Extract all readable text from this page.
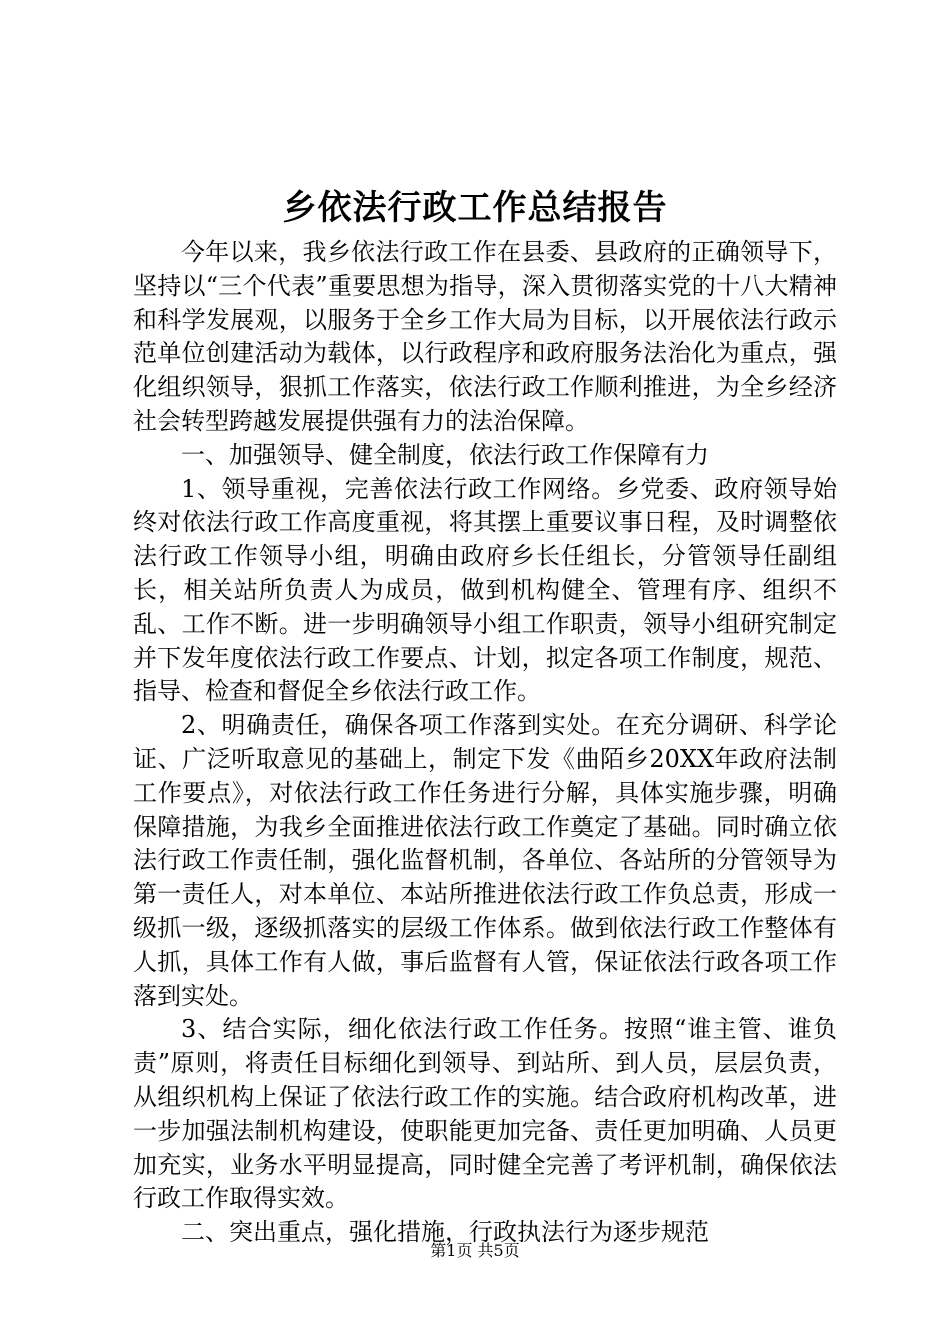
乡依法行政工作总结报告

今年以来，我乡依法行政工作在县委、县政府的正确领导下，坚持以“三个代表”重要思想为指导，深入贯彻落实党的十八大精神和科学发展观，以服务于全乡工作大局为目标，以开展依法行政示范单位创建活动为载体，以行政程序和政府服务法治化为重点，强化组织领导，狠抓工作落实，依法行政工作顺利推进，为全乡经济社会转型跨越发展提供强有力的法治保障。

一、加强领导、健全制度，依法行政工作保障有力

1、领导重视，完善依法行政工作网络。乡党委、政府领导始终对依法行政工作高度重视，将其摆上重要议事日程，及时调整依法行政工作领导小组，明确由政府乡长任组长，分管领导任副组长，相关站所负责人为成员，做到机构健全、管理有序、组织不乱、工作不断。进一步明确领导小组工作职责，领导小组研究制定并下发年度依法行政工作要点、计划，拟定各项工作制度，规范、指导、检查和督促全乡依法行政工作。

2、明确责任，确保各项工作落到实处。在充分调研、科学论证、广泛听取意见的基础上，制定下发《曲陌乡20XX年政府法制工作要点》，对依法行政工作任务进行分解，具体实施步骤，明确保障措施，为我乡全面推进依法行政工作奠定了基础。同时确立依法行政工作责任制，强化监督机制，各单位、各站所的分管领导为第一责任人，对本单位、本站所推进依法行政工作负总责，形成一级抓一级，逐级抓落实的层级工作体系。做到依法行政工作整体有人抓，具体工作有人做，事后监督有人管，保证依法行政各项工作落到实处。

3、结合实际，细化依法行政工作任务。按照“谁主管、谁负责”原则，将责任目标细化到领导、到站所、到人员，层层负责，从组织机构上保证了依法行政工作的实施。结合政府机构改革，进一步加强法制机构建设，使职能更加完备、责任更加明确、人员更加充实，业务水平明显提高，同时健全完善了考评机制，确保依法行政工作取得实效。

二、突出重点，强化措施，行政执法行为逐步规范

第1页 共5页
